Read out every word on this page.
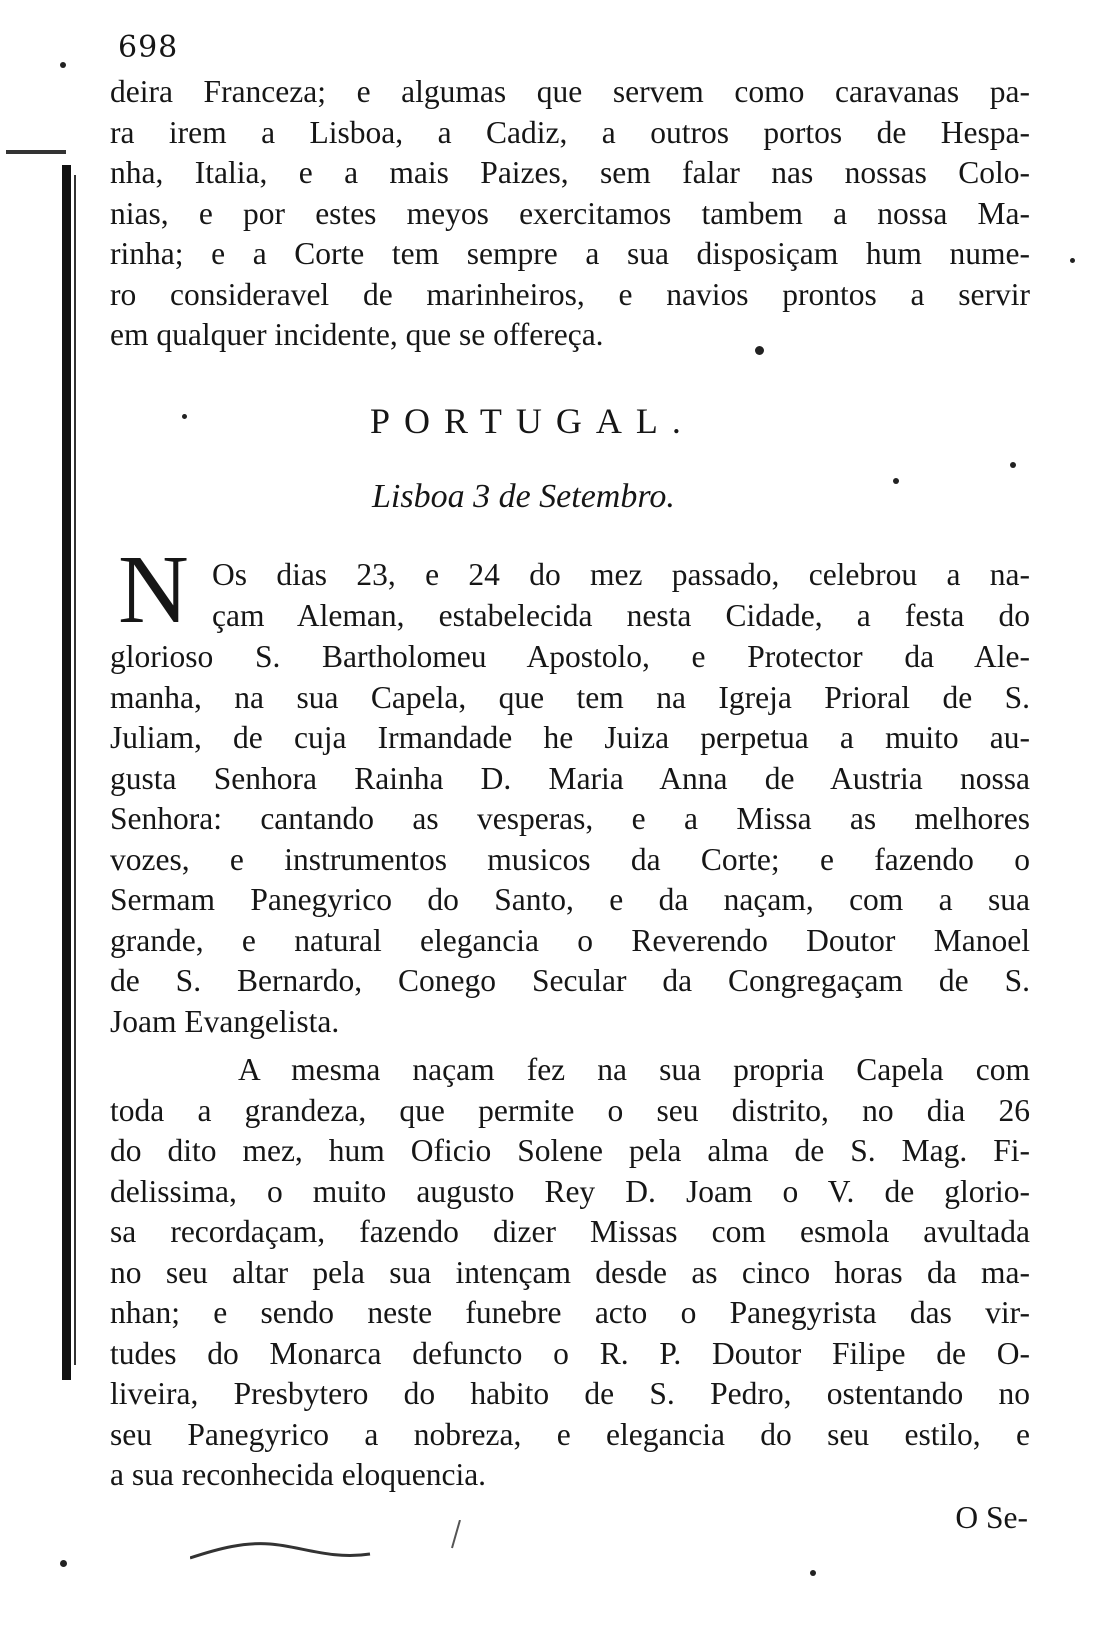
698
deira Franceza; e algumas que servem como caravanas pa-
ra irem a Lisboa, a Cadiz, a outros portos de Hespa-
nha, Italia, e a mais Paizes, sem falar nas nossas Colo-
nias, e por estes meyos exercitamos tambem a nossa Ma-
rinha; e a Corte tem sempre a sua disposiçam hum nume-
ro consideravel de marinheiros, e navios prontos a servir
em qualquer incidente, que se offereça.
PORTUGAL.
Lisboa 3 de Setembro.
N Os dias 23, e 24 do mez passado, celebrou a na-
çam Aleman, estabelecida nesta Cidade, a festa do
glorioso S. Bartholomeu Apostolo, e Protector da Ale-
manha, na sua Capela, que tem na Igreja Prioral de S.
Juliam, de cuja Irmandade he Juiza perpetua a muito au-
gusta Senhora Rainha D. Maria Anna de Austria nossa
Senhora: cantando as vesperas, e a Missa as melhores
vozes, e instrumentos musicos da Corte; e fazendo o
Sermam Panegyrico do Santo, e da naçam, com a sua
grande, e natural elegancia o Reverendo Doutor Manoel
de S. Bernardo, Conego Secular da Congregaçam de S.
Joam Evangelista.
A mesma naçam fez na sua propria Capela com
toda a grandeza, que permite o seu distrito, no dia 26
do dito mez, hum Oficio Solene pela alma de S. Mag. Fi-
delissima, o muito augusto Rey D. Joam o V. de glorio-
sa recordaçam, fazendo dizer Missas com esmola avultada
no seu altar pela sua intençam desde as cinco horas da ma-
nhan; e sendo neste funebre acto o Panegyrista das vir-
tudes do Monarca defuncto o R. P. Doutor Filipe de O-
liveira, Presbytero do habito de S. Pedro, ostentando no
seu Panegyrico a nobreza, e elegancia do seu estilo, e
a sua reconhecida eloquencia.
O Se-
